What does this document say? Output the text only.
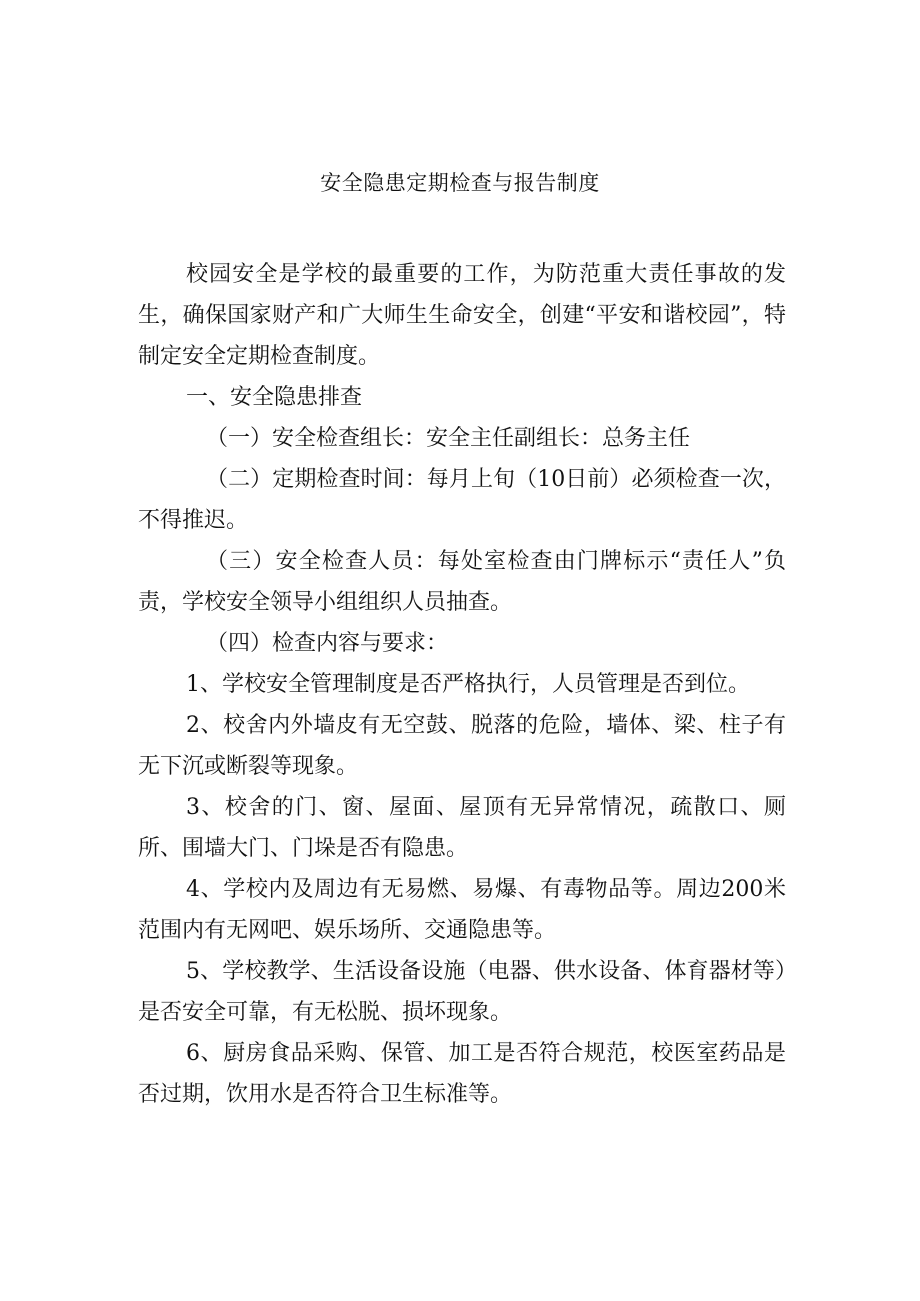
安全隐患定期检查与报告制度

校园安全是学校的最重要的工作，为防范重大责任事故的发生，确保国家财产和广大师生生命安全，创建“平安和谐校园”，特制定安全定期检查制度。

一、安全隐患排查

（一）安全检查组长：安全主任副组长：总务主任

（二）定期检查时间：每月上旬（10日前）必须检查一次，不得推迟。

（三）安全检查人员：每处室检查由门牌标示“责任人”负责，学校安全领导小组组织人员抽查。

（四）检查内容与要求：

1、学校安全管理制度是否严格执行，人员管理是否到位。

2、校舍内外墙皮有无空鼓、脱落的危险，墙体、梁、柱子有无下沉或断裂等现象。

3、校舍的门、窗、屋面、屋顶有无异常情况，疏散口、厕所、围墙大门、门垛是否有隐患。

4、学校内及周边有无易燃、易爆、有毒物品等。周边200米范围内有无网吧、娱乐场所、交通隐患等。

5、学校教学、生活设备设施（电器、供水设备、体育器材等）是否安全可靠，有无松脱、损坏现象。

6、厨房食品采购、保管、加工是否符合规范，校医室药品是否过期，饮用水是否符合卫生标准等。
